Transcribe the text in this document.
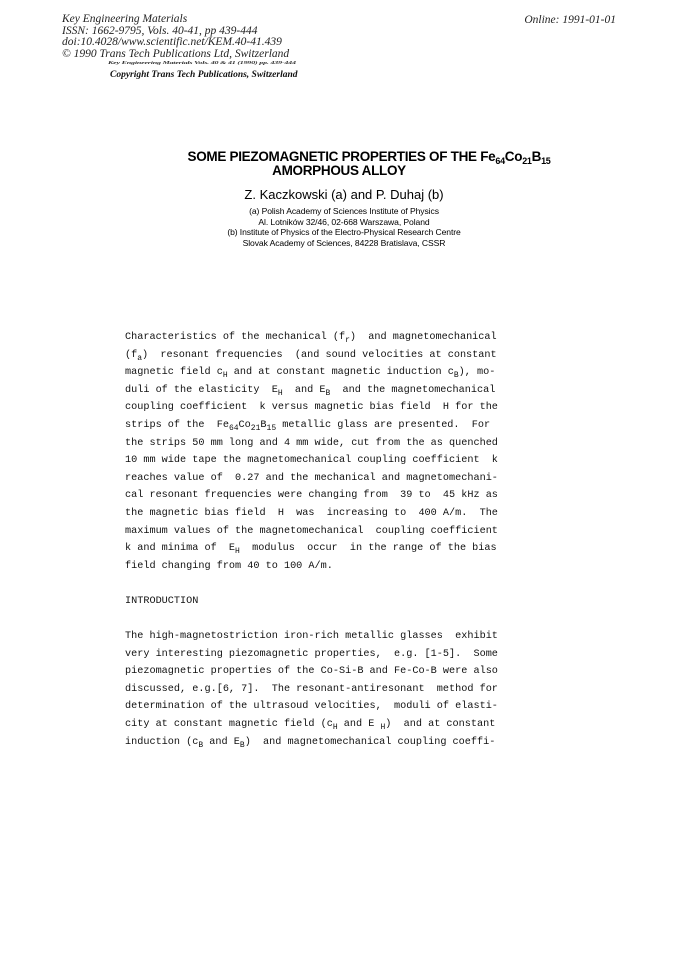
Key Engineering Materials
ISSN: 1662-9795, Vols. 40-41, pp 439-444
doi:10.4028/www.scientific.net/KEM.40-41.439
© 1990 Trans Tech Publications Ltd, Switzerland
Online: 1991-01-01
Key Engineering Materials Vols. 40 & 41 (1990) pp. 439-444
Copyright Trans Tech Publications, Switzerland
SOME PIEZOMAGNETIC PROPERTIES OF THE $Fe_{64}Co_{21}B_{15}$
AMORPHOUS ALLOY
Z. Kaczkowski (a) and P. Duhaj (b)
(a) Polish Academy of Sciences Institute of Physics
Al. Lotników 32/46, 02-668 Warszawa, Poland
(b) Institute of Physics of the Electro-Physical Research Centre
Slovak Academy of Sciences, 84228 Bratislava, CSSR
Characteristics of the mechanical $(f_r)$  and magnetomechanical
$(f_a)$  resonant frequencies  (and sound velocities at constant
magnetic field $c_H$ and at constant magnetic induction $c_B$), mo-
duli of the elasticity  $E_H$  and $E_B$  and the magnetomechanical
coupling coefficient  k versus magnetic bias field  H for the
strips of the  $Fe_{64}Co_{21}B_{15}$ metallic glass are presented.  For
the strips 50 mm long and 4 mm wide, cut from the as quenched
10 mm wide tape the magnetomechanical coupling coefficient  k
reaches value of  0.27 and the mechanical and magnetomechani-
cal resonant frequencies were changing from  39 to  45 kHz as
the magnetic bias field  H  was  increasing to  400 A/m.  The
maximum values of the magnetomechanical  coupling coefficient
k and minima of  $E_H$  modulus  occur  in the range of the bias
field changing from 40 to 100 A/m.
INTRODUCTION
The high-magnetostriction iron-rich metallic glasses  exhibit
very interesting piezomagnetic properties,  e.g. [1-5].  Some
piezomagnetic properties of the Co-Si-B and Fe-Co-B were also
discussed, e.g.[6, 7].  The resonant-antiresonant  method for
determination of the ultrasoud velocities,  moduli of elasti-
city at constant magnetic field ($c_H$ and E $_H$)  and at constant
induction ($c_B$ and $E_B$)  and magnetomechanical coupling coeffi-
